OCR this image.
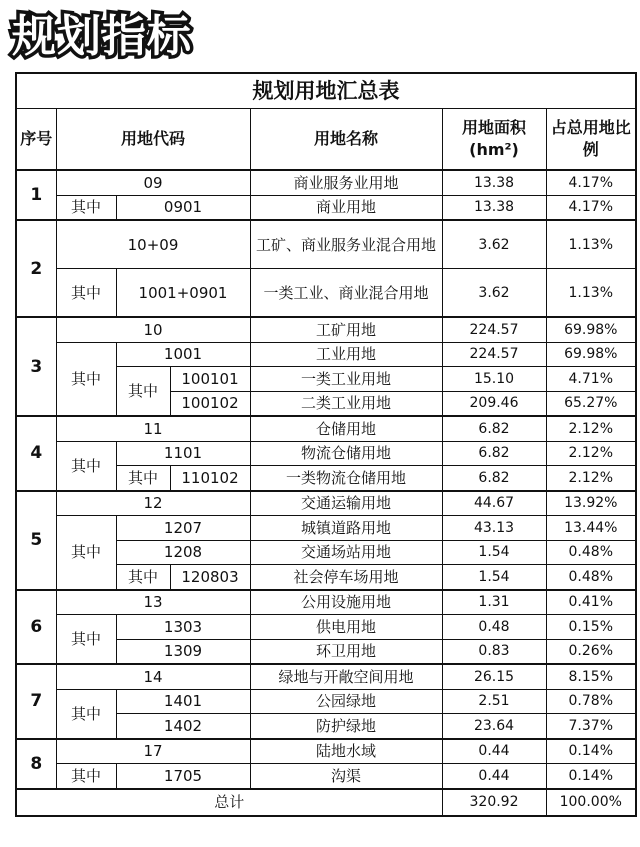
规划指标
规划用地汇总表						
序号	用地代码			用地名称	用地面积(hm²)	占总用地比例
1	09			商业服务业用地	13.38	4.17%
	其中	0901		商业用地	13.38	4.17%
2	10+09			工矿、商业服务业混合用地	3.62	1.13%
	其中	1001+0901		一类工业、商业混合用地	3.62	1.13%
3	10			工矿用地	224.57	69.98%
	其中	1001		工业用地	224.57	69.98%
		其中	100101	一类工业用地	15.10	4.71%
			100102	二类工业用地	209.46	65.27%
4	11			仓储用地	6.82	2.12%
	其中	1101		物流仓储用地	6.82	2.12%
		其中	110102	一类物流仓储用地	6.82	2.12%
5	12			交通运输用地	44.67	13.92%
	其中	1207		城镇道路用地	43.13	13.44%
		1208		交通场站用地	1.54	0.48%
		其中	120803	社会停车场用地	1.54	0.48%
6	13			公用设施用地	1.31	0.41%
	其中	1303		供电用地	0.48	0.15%
		1309		环卫用地	0.83	0.26%
7	14			绿地与开敞空间用地	26.15	8.15%
	其中	1401		公园绿地	2.51	0.78%
		1402		防护绿地	23.64	7.37%
8	17			陆地水域	0.44	0.14%
	其中	1705		沟渠	0.44	0.14%
总计					320.92	100.00%
